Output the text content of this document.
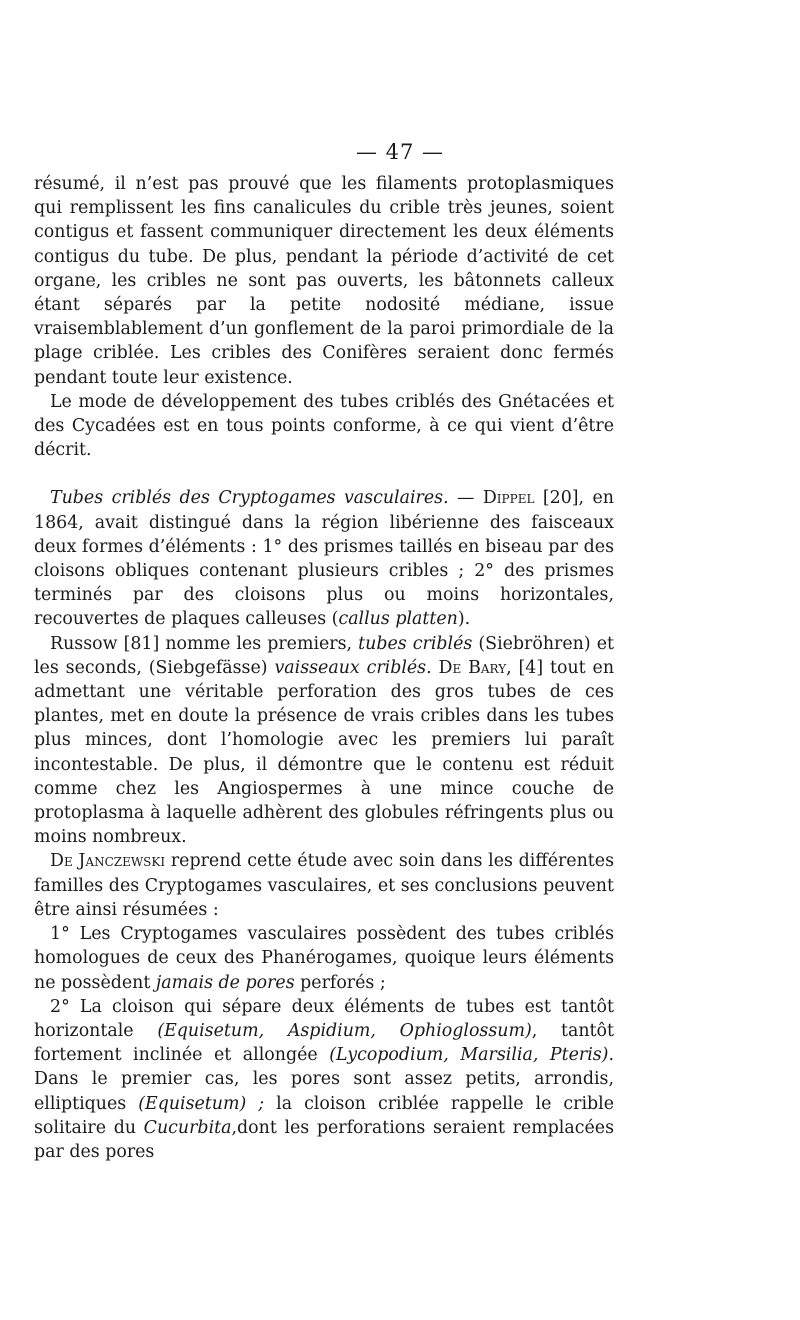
— 47 —

résumé, il n’est pas prouvé que les filaments protoplasmiques qui remplissent les fins canalicules du crible très jeunes, soient contigus et fassent communiquer directement les deux éléments contigus du tube. De plus, pendant la période d’activité de cet organe, les cribles ne sont pas ouverts, les bâtonnets calleux étant séparés par la petite nodosité médiane, issue vraisemblablement d’un gonflement de la paroi primordiale de la plage criblée. Les cribles des Conifères seraient donc fermés pendant toute leur existence.

Le mode de développement des tubes criblés des Gnétacées et des Cycadées est en tous points conforme, à ce qui vient d’être décrit.

Tubes criblés des Cryptogames vasculaires. — Dippel [20], en 1864, avait distingué dans la région libérienne des faisceaux deux formes d’éléments : 1° des prismes taillés en biseau par des cloisons obliques contenant plusieurs cribles ; 2° des prismes terminés par des cloisons plus ou moins horizontales, recouvertes de plaques calleuses (callus platten).

Russow [81] nomme les premiers, tubes criblés (Siebröhren) et les seconds, (Siebgefässe) vaisseaux criblés. De Bary, [4] tout en admettant une véritable perforation des gros tubes de ces plantes, met en doute la présence de vrais cribles dans les tubes plus minces, dont l’homologie avec les premiers lui paraît incontestable. De plus, il démontre que le contenu est réduit comme chez les Angiospermes à une mince couche de protoplasma à laquelle adhèrent des globules réfringents plus ou moins nombreux.

De Janczewski reprend cette étude avec soin dans les différentes familles des Cryptogames vasculaires, et ses conclusions peuvent être ainsi résumées :

1° Les Cryptogames vasculaires possèdent des tubes criblés homologues de ceux des Phanérogames, quoique leurs éléments ne possèdent jamais de pores perforés ;

2° La cloison qui sépare deux éléments de tubes est tantôt horizontale (Equisetum, Aspidium, Ophioglossum), tantôt fortement inclinée et allongée (Lycopodium, Marsilia, Pteris). Dans le premier cas, les pores sont assez petits, arrondis, elliptiques (Equisetum) ; la cloison criblée rappelle le crible solitaire du Cucurbita,dont les perforations seraient remplacées par des pores
